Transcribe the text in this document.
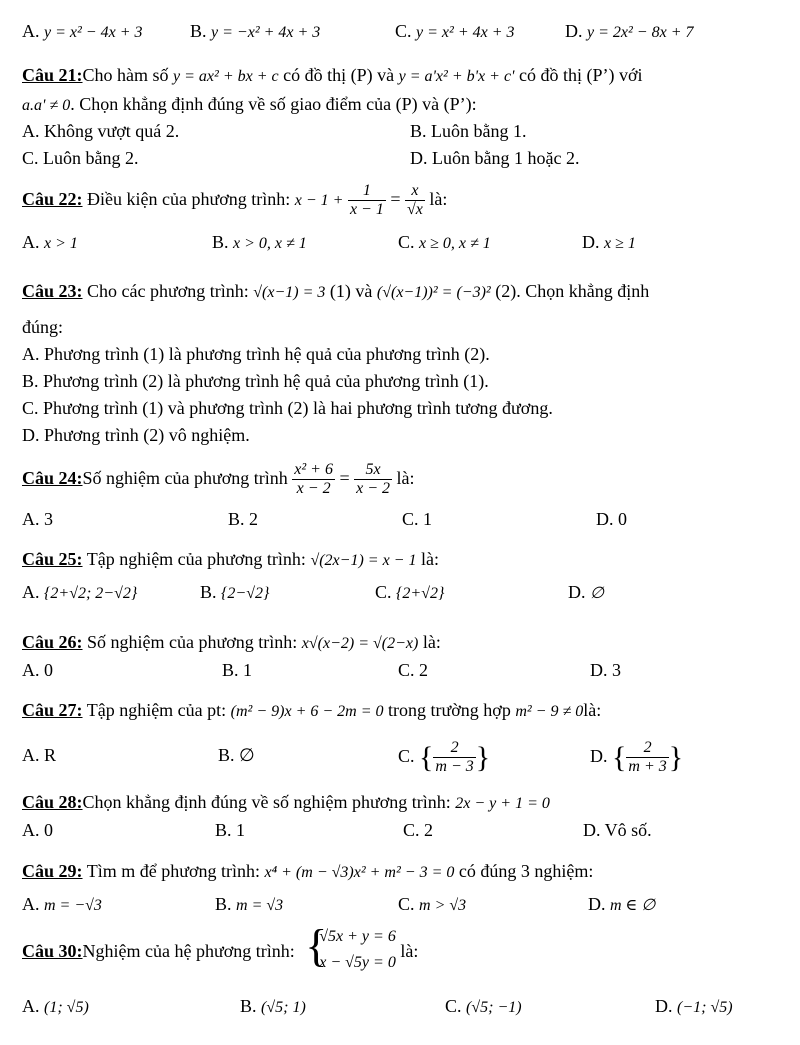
A. y = x² − 4x + 3	B. y = −x² + 4x + 3	C. y = x² + 4x + 3	D. y = 2x² − 8x + 7
Câu 21:Cho hàm số y = ax² + bx + c có đồ thị (P) và y = a'x² + b'x + c' có đồ thị (P’) với
a.a' ≠ 0. Chọn khẳng định đúng về số giao điểm của (P) và (P’):
A. Không vượt quá 2.	B. Luôn bằng 1.
C. Luôn bằng 2.	D. Luôn bằng 1 hoặc 2.
Câu 22: Điều kiện của phương trình: $x - 1 + \frac{1}{x - 1} = \frac{x}{√x}$ là:
A. x > 1	B. x > 0, x ≠ 1	C. x ≥ 0, x ≠ 1	D. x ≥ 1
Câu 23: Cho các phương trình: √(x−1) = 3 (1) và (√(x−1))² = (−3)² (2). Chọn khẳng định
đúng:
A. Phương trình (1) là phương trình hệ quả của phương trình (2).
B. Phương trình (2) là phương trình hệ quả của phương trình (1).
C. Phương trình (1) và phương trình (2) là hai phương trình tương đương.
D. Phương trình (2) vô nghiệm.
Câu 24:Số nghiệm của phương trình $\frac{\text{x² + 6}}{x - 2} = \frac{5x}{x - 2}$ là:
A. 3	B. 2	C. 1	D. 0
Câu 25: Tập nghiệm của phương trình: √(2x−1) = x − 1 là:
A. {2+√2; 2−√2}	B. {2−√2}	C. {2+√2}	D. ∅
Câu 26: Số nghiệm của phương trình: x√(x−2) = √(2−x) là:
A. 0	B. 1	C. 2	D. 3
Câu 27: Tập nghiệm của pt: (m² − 9)x + 6 − 2m = 0 trong trường hợp m² − 9 ≠ 0là:
A. R	B. ∅	C. { $\frac{2}{m - 3}$ }	D. { $\frac{2}{m + 3}$ }
Câu 28:Chọn khẳng định đúng về số nghiệm phương trình: 2x − y + 1 = 0
A. 0	B. 1	C. 2	D. Vô số.
Câu 29: Tìm m để phương trình: x⁴ + (m − √3)x² + m² − 3 = 0 có đúng 3 nghiệm:
A. m = −√3	B. m = √3	C. m > √3	D. m ∈ ∅
Câu 30:Nghiệm của hệ phương trình: {
√5x + y = 6
x − √5y = 0
là:
A. (1; √5)	B. (√5; 1)	C. (√5; −1)	D. (−1; √5)
